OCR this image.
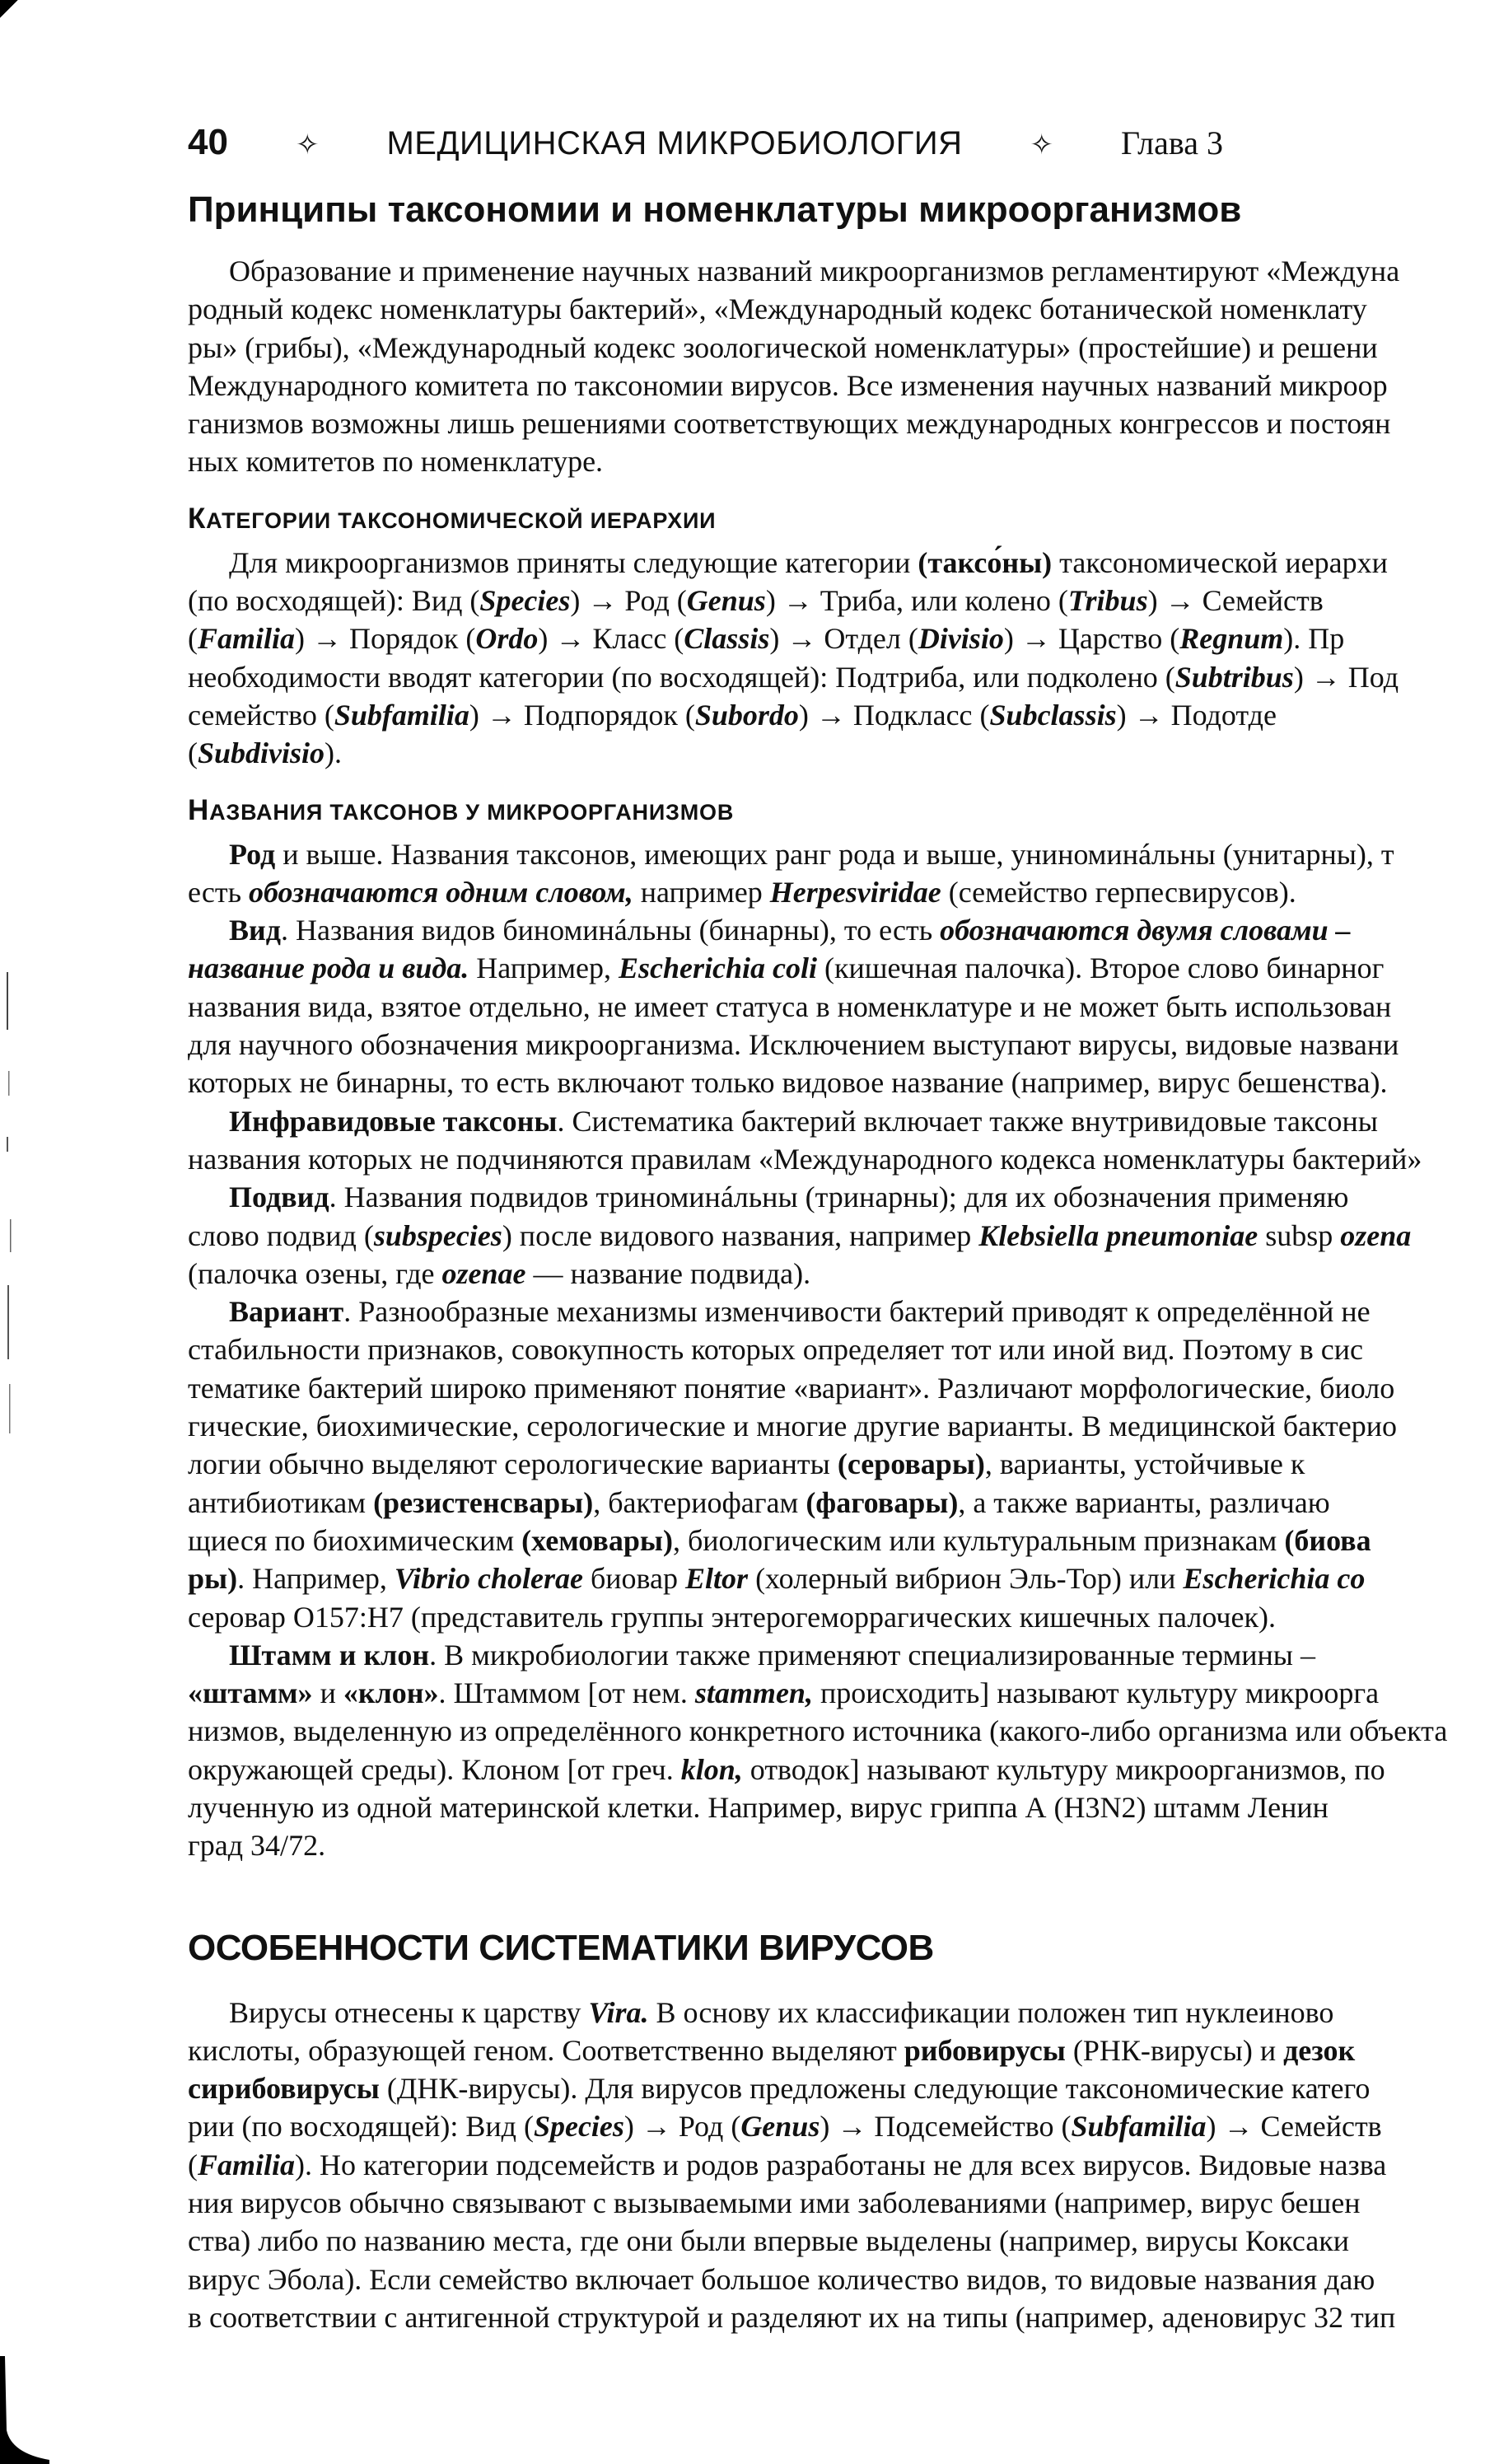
40 ✧ МЕДИЦИНСКАЯ МИКРОБИОЛОГИЯ ✧ Глава 3
Принципы таксономии и номенклатуры микроорганизмов
Образование и применение научных названий микроорганизмов регламентируют «Междуна
родный кодекс номенклатуры бактерий», «Международный кодекс ботанической номенклату
ры» (грибы), «Международный кодекс зоологической номенклатуры» (простейшие) и решени
Международного комитета по таксономии вирусов. Все изменения научных названий микроор
ганизмов возможны лишь решениями соответствующих международных конгрессов и постоян
ных комитетов по номенклатуре.
КАТЕГОРИИ ТАКСОНОМИЧЕСКОЙ ИЕРАРХИИ
Для микроорганизмов приняты следующие категории (таксо́ны) таксономической иерархи
(по восходящей): Вид (Species) → Род (Genus) → Триба, или колено (Tribus) → Семейств
(Familia) → Порядок (Ordo) → Класс (Classis) → Отдел (Divisio) → Царство (Regnum). Пр
необходимости вводят категории (по восходящей): Подтриба, или подколено (Subtribus) → Под
семейство (Subfamilia) → Подпорядок (Subordo) → Подкласс (Subclassis) → Подотде
(Subdivisio).
НАЗВАНИЯ ТАКСОНОВ У МИКРООРГАНИЗМОВ
Род и выше. Названия таксонов, имеющих ранг рода и выше, униноминáльны (унитарны), т
есть обозначаются одним словом, например Herpesviridae (семейство герпесвирусов).
Вид. Названия видов биноминáльны (бинарны), то есть обозначаются двумя словами –
название рода и вида. Например, Escherichia coli (кишечная палочка). Второе слово бинарног
названия вида, взятое отдельно, не имеет статуса в номенклатуре и не может быть использован
для научного обозначения микроорганизма. Исключением выступают вирусы, видовые названи
которых не бинарны, то есть включают только видовое название (например, вирус бешенства).
Инфравидовые таксоны. Систематика бактерий включает также внутривидовые таксоны
названия которых не подчиняются правилам «Международного кодекса номенклатуры бактерий»
Подвид. Названия подвидов триноминáльны (тринарны); для их обозначения применяю
слово подвид (subspecies) после видового названия, например Klebsiella pneumoniae subsp ozena
(палочка озены, где ozenae — название подвида).
Вариант. Разнообразные механизмы изменчивости бактерий приводят к определённой не
стабильности признаков, совокупность которых определяет тот или иной вид. Поэтому в сис
тематике бактерий широко применяют понятие «вариант». Различают морфологические, биоло
гические, биохимические, серологические и многие другие варианты. В медицинской бактерио
логии обычно выделяют серологические варианты (серовары), варианты, устойчивые к
антибиотикам (резистенсвары), бактериофагам (фаговары), а также варианты, различаю
щиеся по биохимическим (хемовары), биологическим или культуральным признакам (биова
ры). Например, Vibrio cholerae биовар Eltor (холерный вибрион Эль-Тор) или Escherichia co
серовар O157:H7 (представитель группы энтерогеморрагических кишечных палочек).
Штамм и клон. В микробиологии также применяют специализированные термины –
«штамм» и «клон». Штаммом [от нем. stammen, происходить] называют культуру микроорга
низмов, выделенную из определённого конкретного источника (какого-либо организма или объекта
окружающей среды). Клоном [от греч. klon, отводок] называют культуру микроорганизмов, по
лученную из одной материнской клетки. Например, вирус гриппа А (H3N2) штамм Ленин
град 34/72.
ОСОБЕННОСТИ СИСТЕМАТИКИ ВИРУСОВ
Вирусы отнесены к царству Vira. В основу их классификации положен тип нуклеиново
кислоты, образующей геном. Соответственно выделяют рибовирусы (РНК-вирусы) и дезок
сирибовирусы (ДНК-вирусы). Для вирусов предложены следующие таксономические катего
рии (по восходящей): Вид (Species) → Род (Genus) → Подсемейство (Subfamilia) → Семейств
(Familia). Но категории подсемейств и родов разработаны не для всех вирусов. Видовые назва
ния вирусов обычно связывают с вызываемыми ими заболеваниями (например, вирус бешен
ства) либо по названию места, где они были впервые выделены (например, вирусы Коксаки
вирус Эбола). Если семейство включает большое количество видов, то видовые названия даю
в соответствии с антигенной структурой и разделяют их на типы (например, аденовирус 32 тип
